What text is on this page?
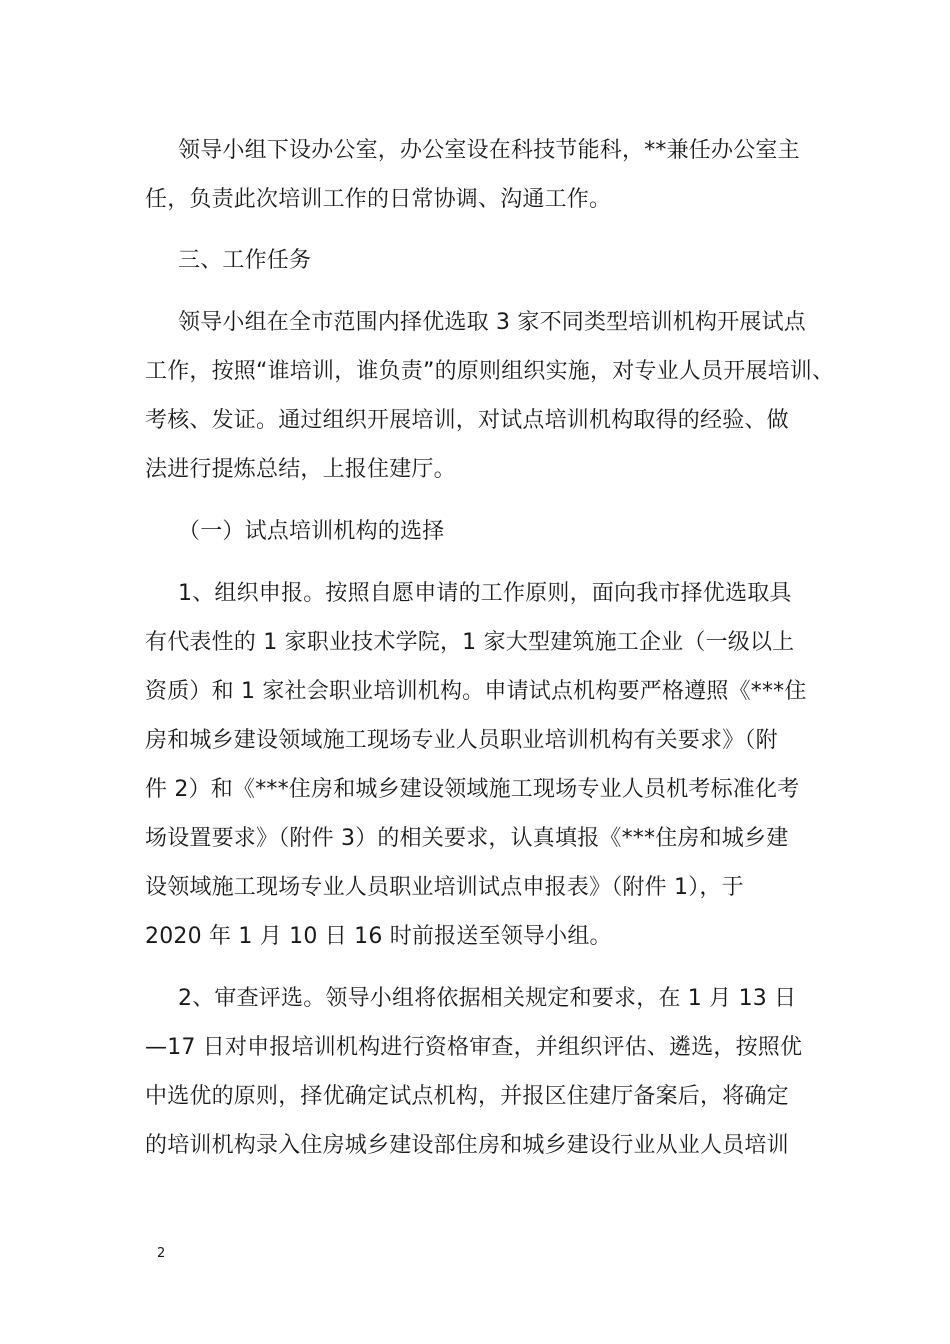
领导小组下设办公室，办公室设在科技节能科，**兼任办公室主
任，负责此次培训工作的日常协调、沟通工作。
三、工作任务
领导小组在全市范围内择优选取 3 家不同类型培训机构开展试点
工作，按照“谁培训，谁负责”的原则组织实施，对专业人员开展培训、
考核、发证。通过组织开展培训，对试点培训机构取得的经验、做
法进行提炼总结，上报住建厅。
（一）试点培训机构的选择
1、组织申报。按照自愿申请的工作原则，面向我市择优选取具
有代表性的 1 家职业技术学院，1 家大型建筑施工企业（一级以上
资质）和 1 家社会职业培训机构。申请试点机构要严格遵照《***住
房和城乡建设领域施工现场专业人员职业培训机构有关要求》（附
件 2）和《***住房和城乡建设领域施工现场专业人员机考标准化考
场设置要求》（附件 3）的相关要求，认真填报《***住房和城乡建
设领域施工现场专业人员职业培训试点申报表》（附件 1），于
2020 年 1 月 10 日 16 时前报送至领导小组。
2、审查评选。领导小组将依据相关规定和要求，在 1 月 13 日
—17 日对申报培训机构进行资格审查，并组织评估、遴选，按照优
中选优的原则，择优确定试点机构，并报区住建厅备案后，将确定
的培训机构录入住房城乡建设部住房和城乡建设行业从业人员培训
2
